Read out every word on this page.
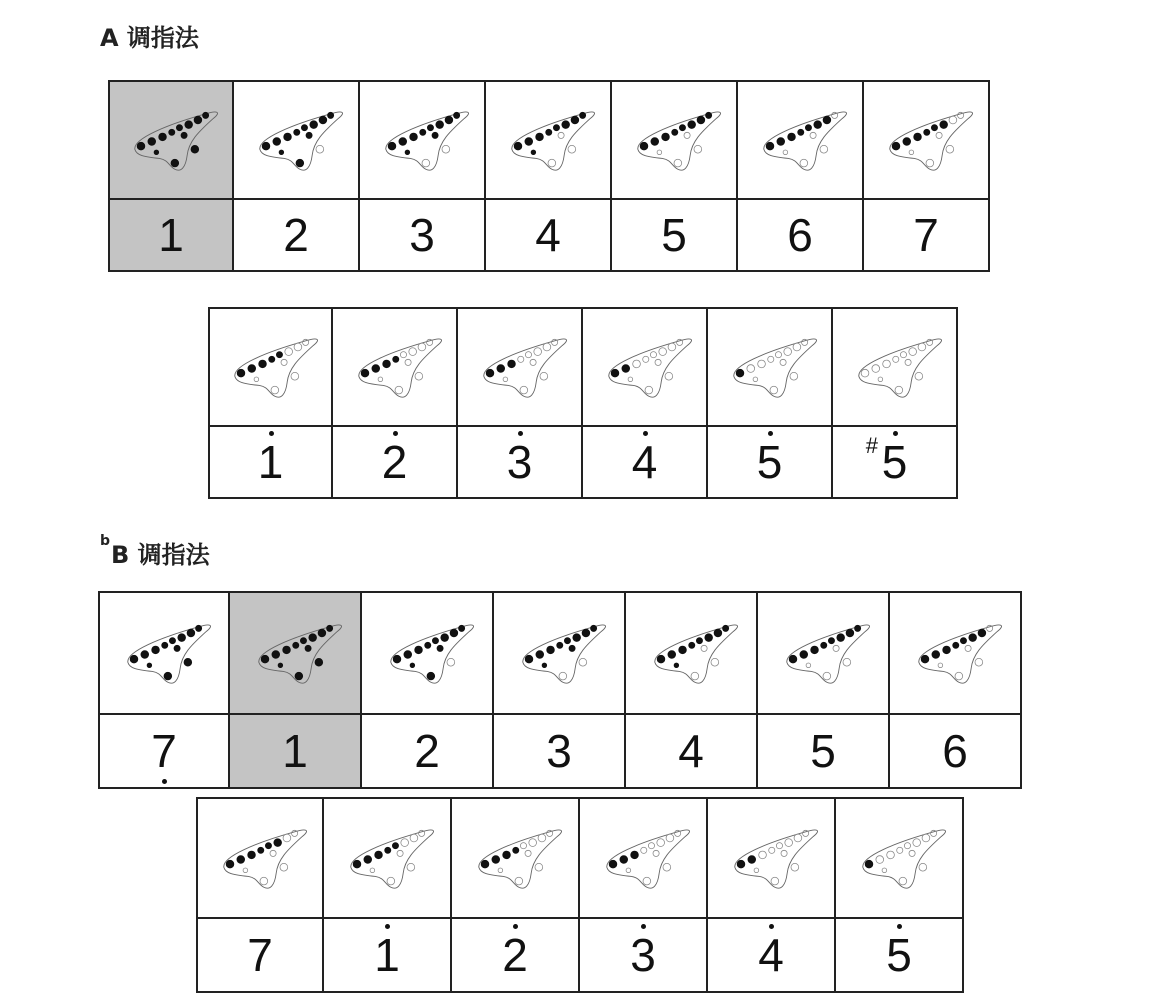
A 调指法
$^b$B 调指法
1 2 3 4 5 6 7
1 2 3 4 5	# 5
7 1 2 3 4 5 6
7 1 2 3 4 5
